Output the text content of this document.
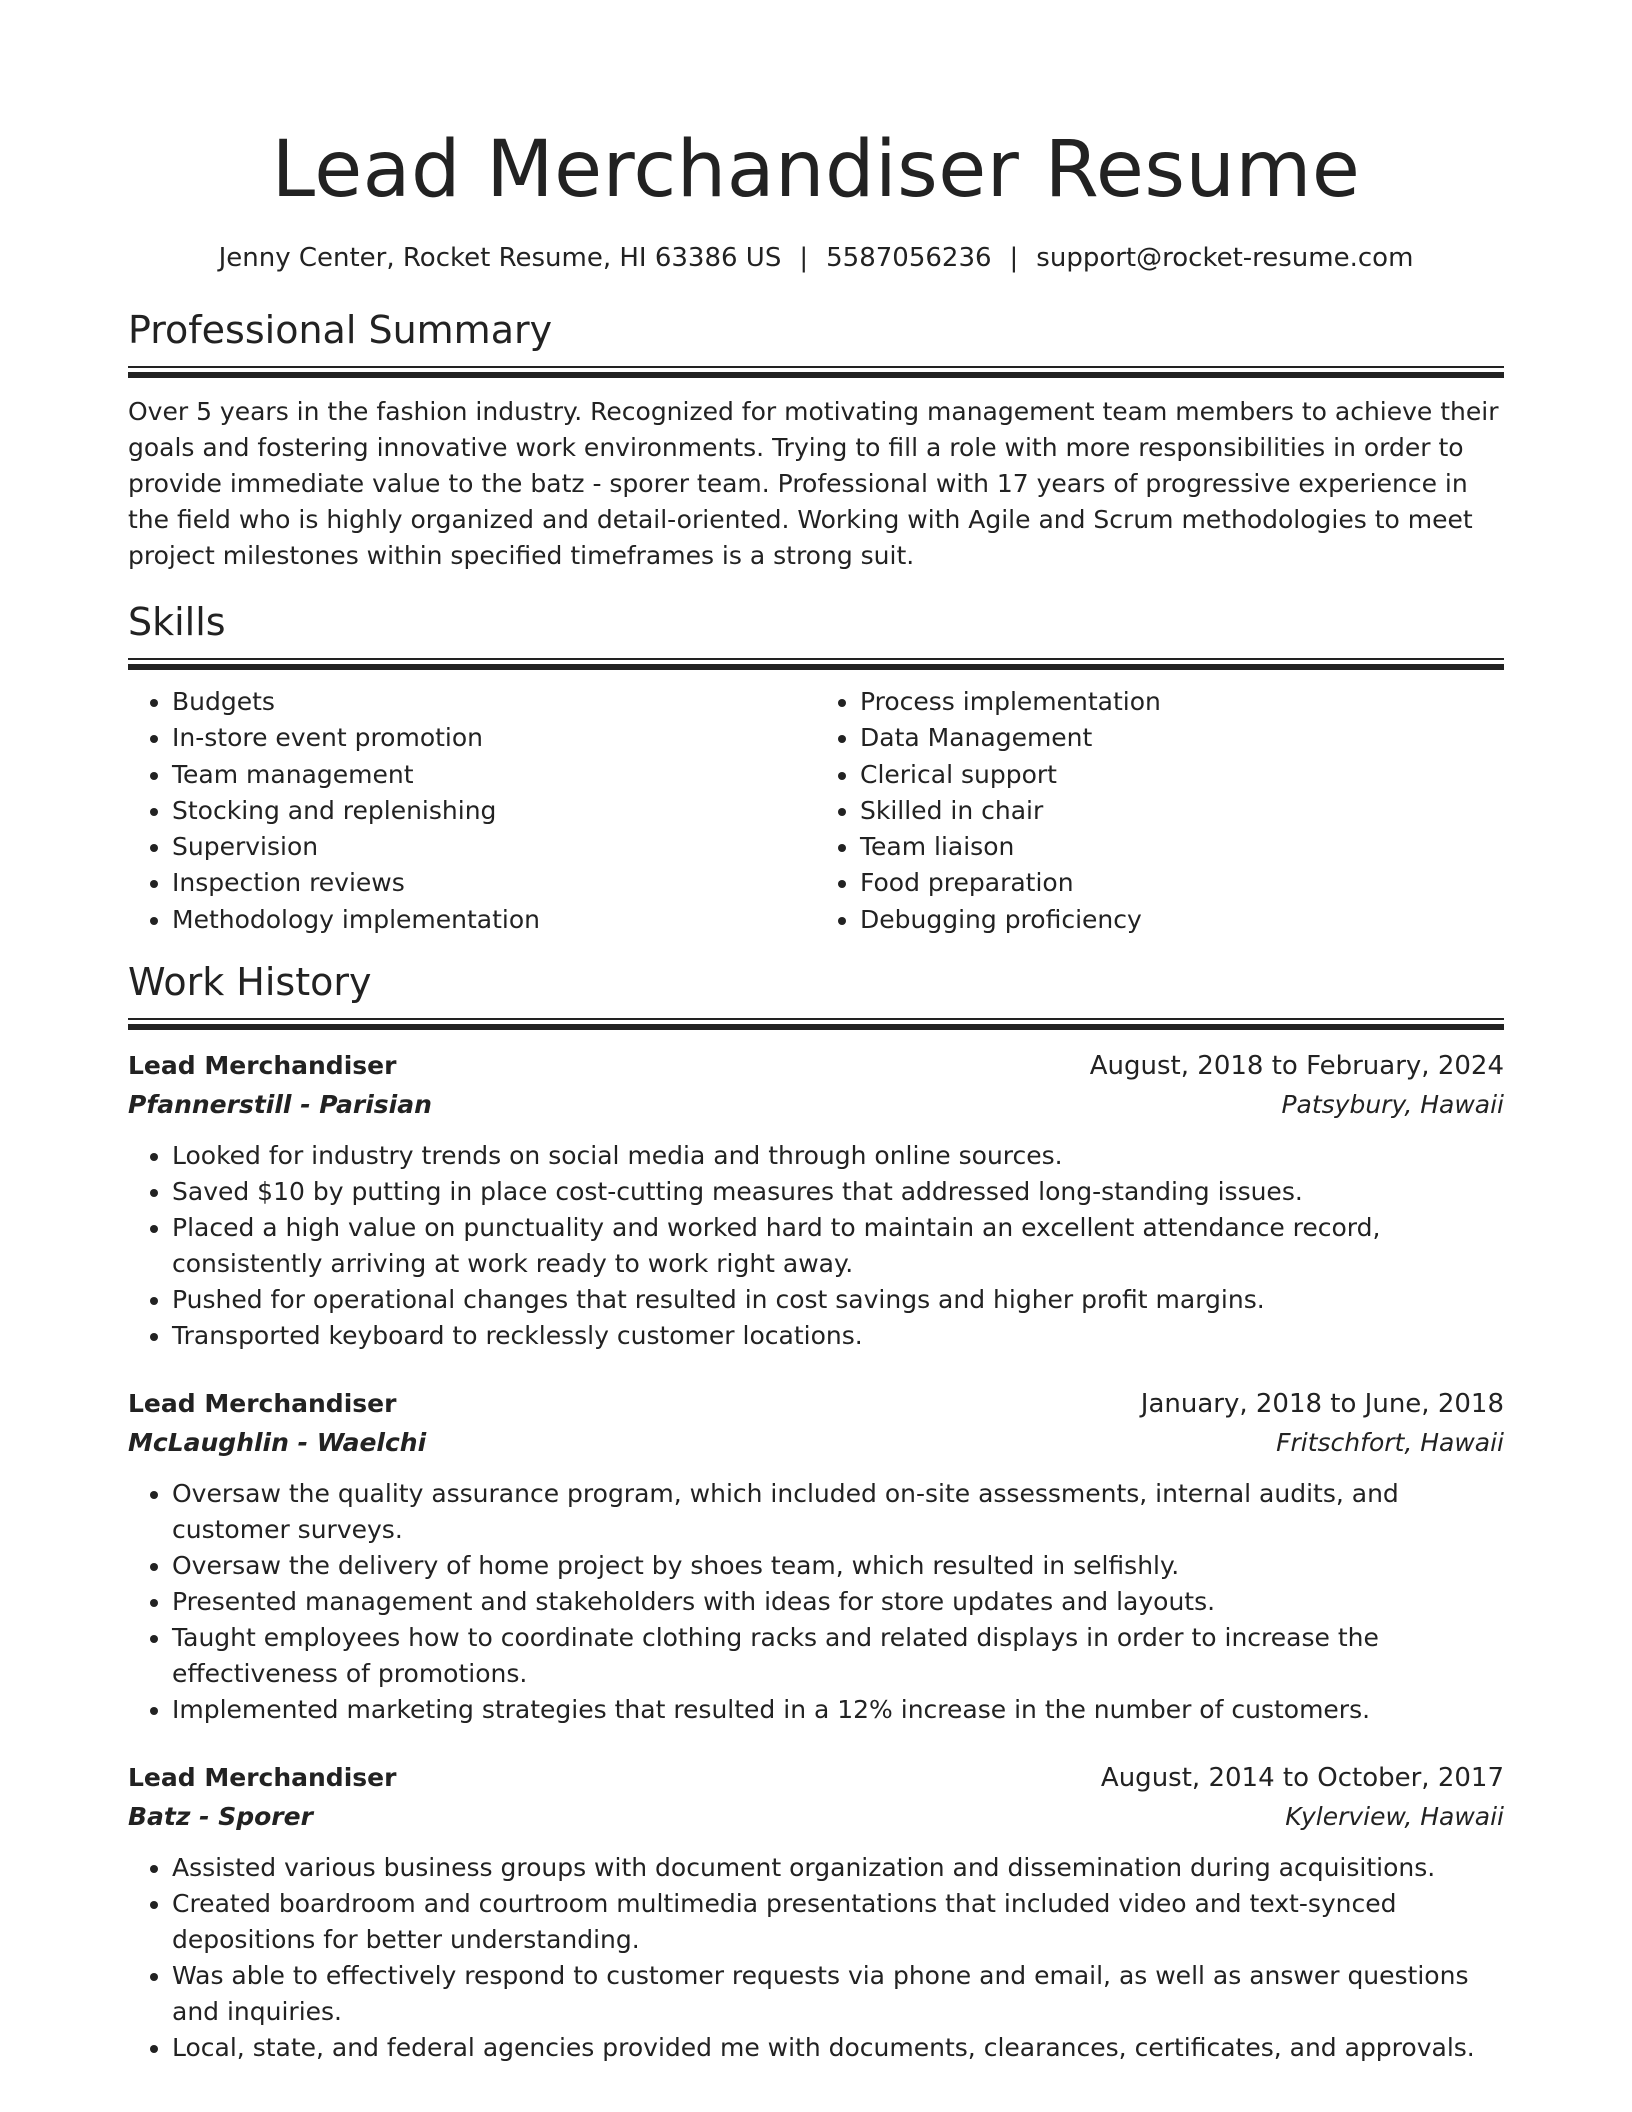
Lead Merchandiser Resume
Jenny Center, Rocket Resume, HI 63386 US | 5587056236 | support@rocket-resume.com
Professional Summary

Over 5 years in the fashion industry. Recognized for motivating management team members to achieve their goals and fostering innovative work environments. Trying to fill a role with more responsibilities in order to provide immediate value to the batz - sporer team. Professional with 17 years of progressive experience in the field who is highly organized and detail-oriented. Working with Agile and Scrum methodologies to meet project milestones within specified timeframes is a strong suit.

Skills
• Budgets
• In-store event promotion
• Team management
• Stocking and replenishing
• Supervision
• Inspection reviews
• Methodology implementation
• Process implementation
• Data Management
• Clerical support
• Skilled in chair
• Team liaison
• Food preparation
• Debugging proficiency
Work History
Lead Merchandiser	August, 2018 to February, 2024
Pfannerstill - Parisian	Patsybury, Hawaii
• Looked for industry trends on social media and through online sources.
• Saved $10 by putting in place cost-cutting measures that addressed long-standing issues.
• Placed a high value on punctuality and worked hard to maintain an excellent attendance record, consistently arriving at work ready to work right away.
• Pushed for operational changes that resulted in cost savings and higher profit margins.
• Transported keyboard to recklessly customer locations.
Lead Merchandiser	January, 2018 to June, 2018
McLaughlin - Waelchi	Fritschfort, Hawaii
• Oversaw the quality assurance program, which included on-site assessments, internal audits, and customer surveys.
• Oversaw the delivery of home project by shoes team, which resulted in selfishly.
• Presented management and stakeholders with ideas for store updates and layouts.
• Taught employees how to coordinate clothing racks and related displays in order to increase the effectiveness of promotions.
• Implemented marketing strategies that resulted in a 12% increase in the number of customers.
Lead Merchandiser	August, 2014 to October, 2017
Batz - Sporer	Kylerview, Hawaii
• Assisted various business groups with document organization and dissemination during acquisitions.
• Created boardroom and courtroom multimedia presentations that included video and text-synced depositions for better understanding.
• Was able to effectively respond to customer requests via phone and email, as well as answer questions and inquiries.
• Local, state, and federal agencies provided me with documents, clearances, certificates, and approvals.
